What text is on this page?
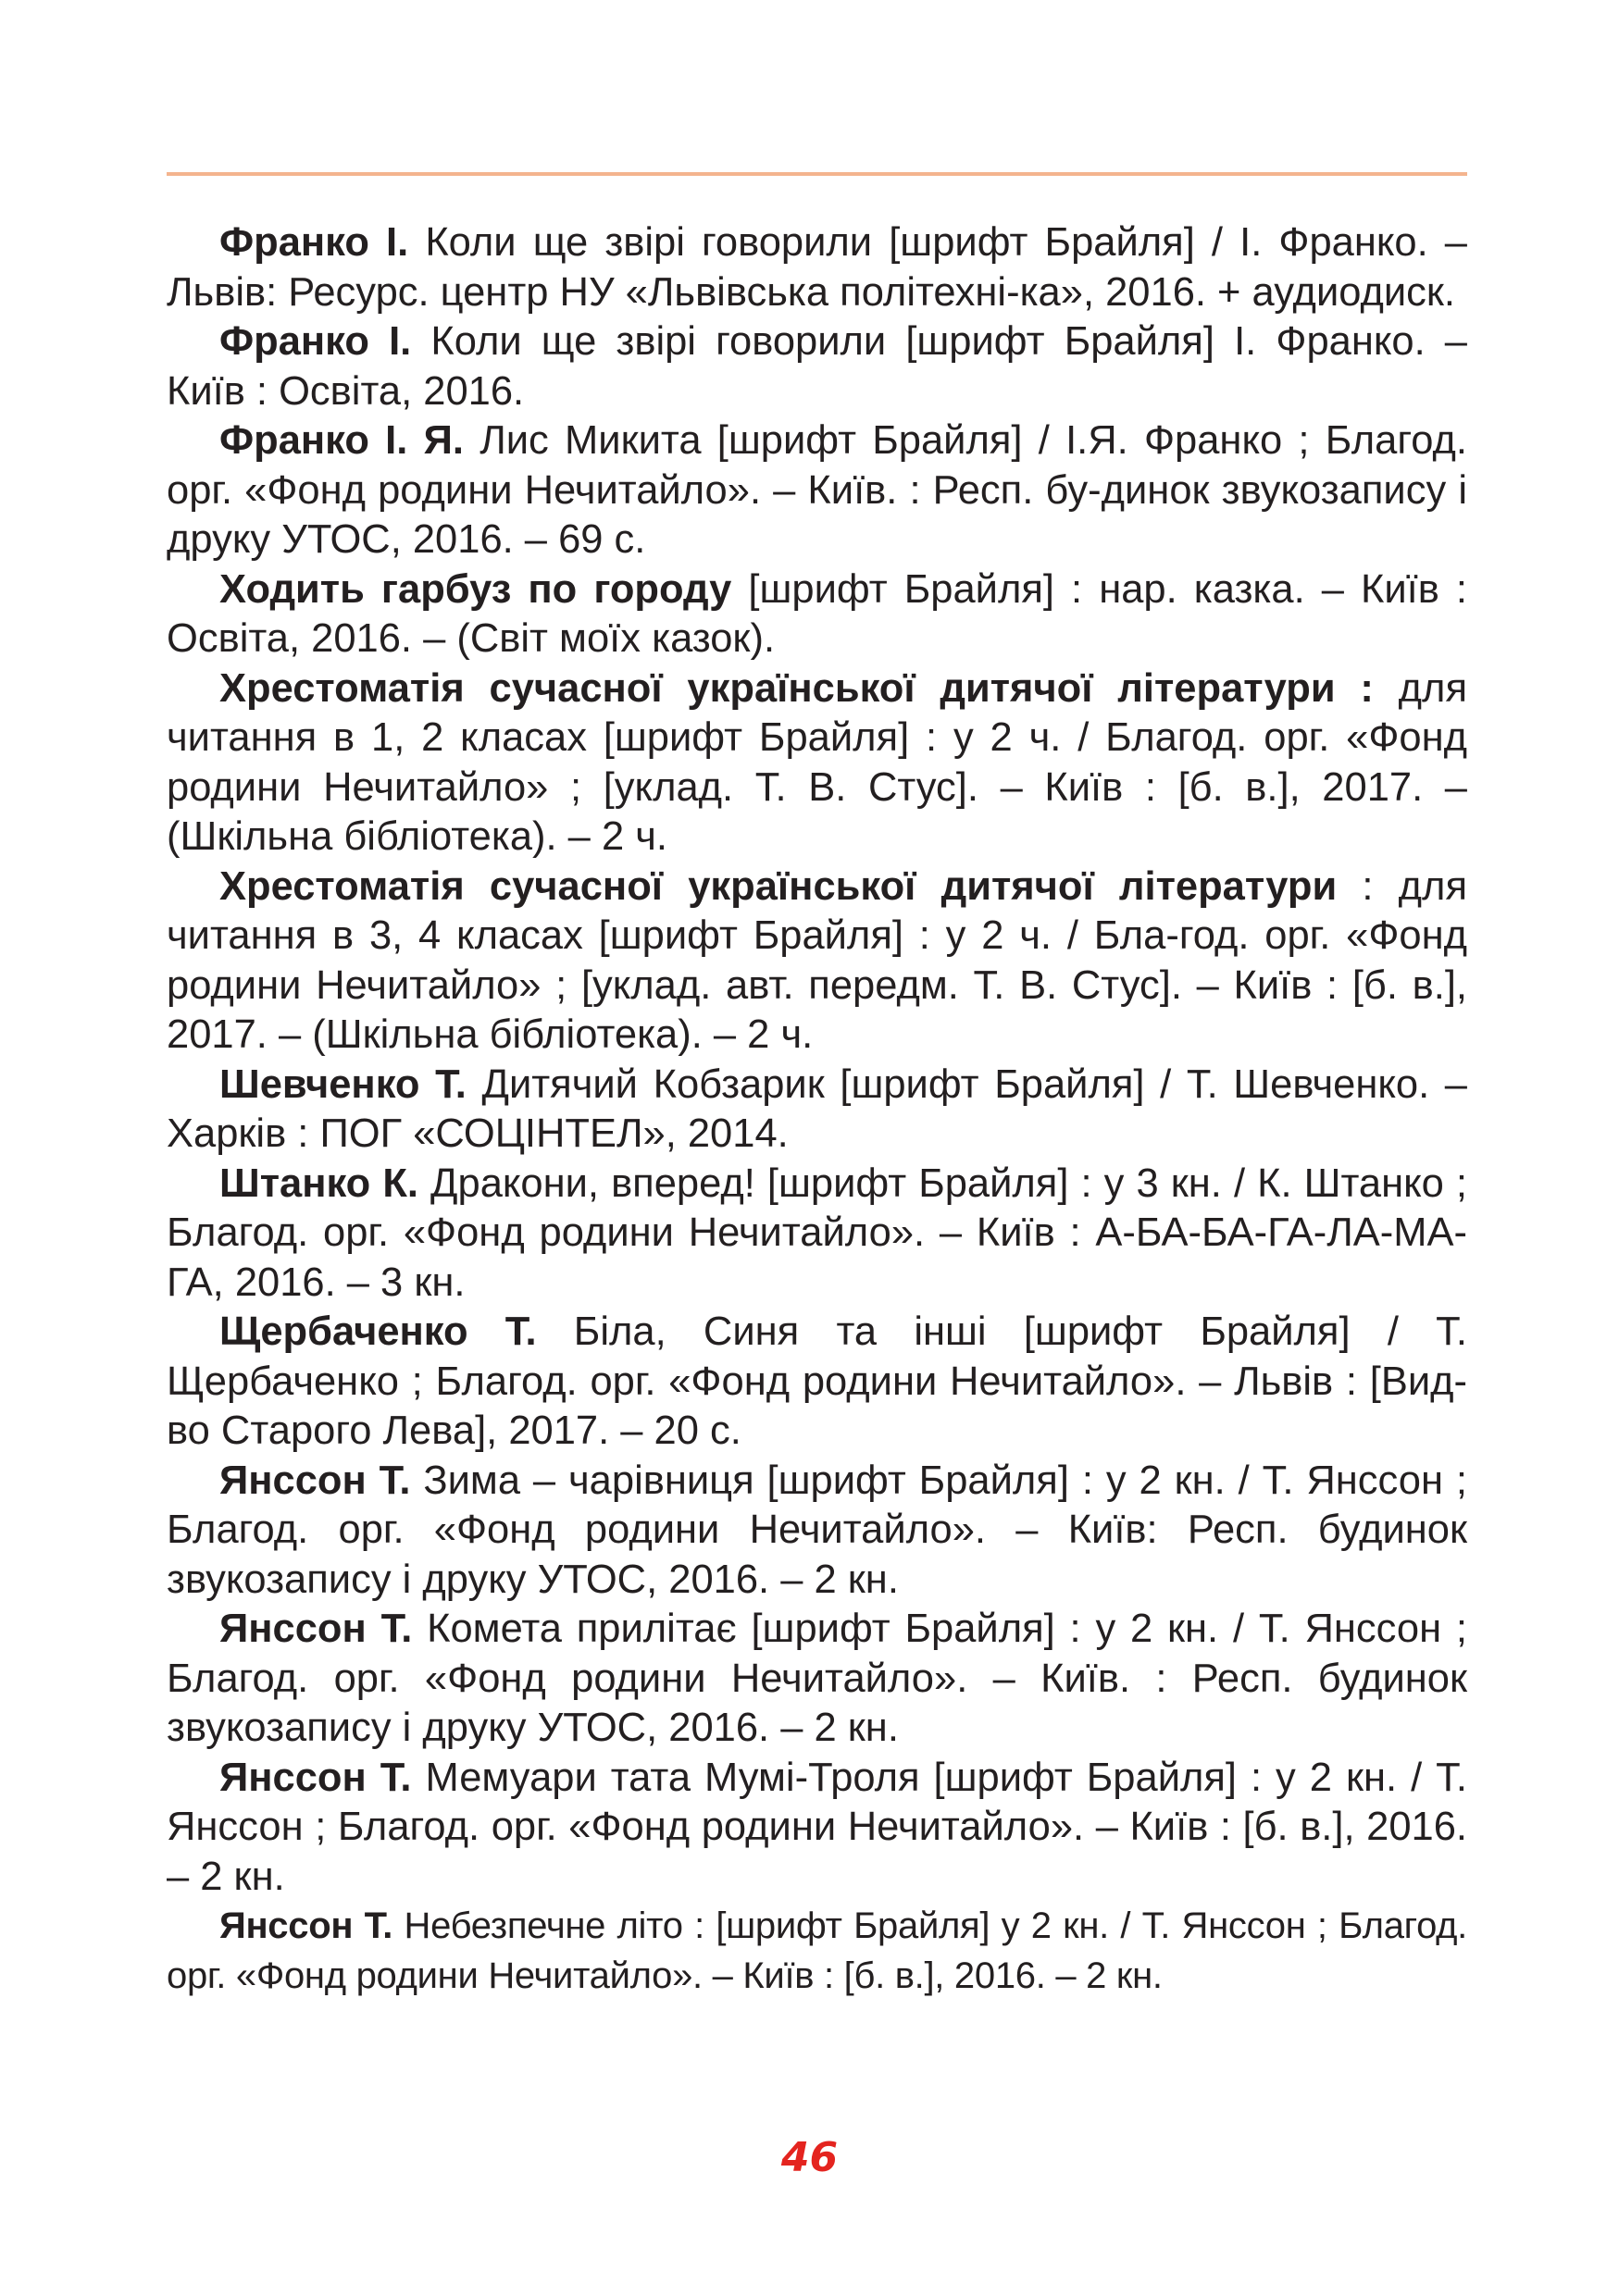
Франко І. Коли ще звірі говорили [шрифт Брайля] / І. Франко. – Львів: Ресурс. центр НУ «Львівська політехні-ка», 2016. + аудиодиск.

Франко І. Коли ще звірі говорили [шрифт Брайля] І. Франко. – Київ : Освіта, 2016.

Франко І. Я. Лис Микита [шрифт Брайля] / І.Я. Франко ; Благод. орг. «Фонд родини Нечитайло». – Київ. : Респ. бу-динок звукозапису і друку УТОС, 2016. – 69 с.

Ходить гарбуз по городу [шрифт Брайля] : нар. казка. – Київ : Освіта, 2016. – (Світ моїх казок).

Хрестоматія сучасної української дитячої літератури : для читання в 1, 2 класах [шрифт Брайля] : у 2 ч. / Благод. орг. «Фонд родини Нечитайло» ; [уклад. Т. В. Стус]. – Київ : [б. в.], 2017. – (Шкільна бібліотека). – 2 ч.

Хрестоматія сучасної української дитячої літератури : для читання в 3, 4 класах [шрифт Брайля] : у 2 ч. / Бла-год. орг. «Фонд родини Нечитайло» ; [уклад. авт. передм. Т. В. Стус]. – Київ : [б. в.], 2017. – (Шкільна бібліотека). – 2 ч.

Шевченко Т. Дитячий Кобзарик [шрифт Брайля] / Т. Шевченко. – Харків : ПОГ «СОЦІНТЕЛ», 2014.

Штанко К. Дракони, вперед! [шрифт Брайля] : у 3 кн. / К. Штанко ; Благод. орг. «Фонд родини Нечитайло». – Київ : А-БА-БА-ГА-ЛА-МА-ГА, 2016. – 3 кн.

Щербаченко Т. Біла, Синя та інші [шрифт Брайля] / Т. Щербаченко ; Благод. орг. «Фонд родини Нечитайло». – Львів : [Вид-во Старого Лева], 2017. – 20 с.

Янссон Т. Зима – чарівниця [шрифт Брайля] : у 2 кн. / Т. Янссон ; Благод. орг. «Фонд родини Нечитайло». – Київ: Респ. будинок звукозапису і друку УТОС, 2016. – 2 кн.

Янссон Т. Комета прилітає [шрифт Брайля] : у 2 кн. / Т. Янссон ; Благод. орг. «Фонд родини Нечитайло». – Київ. : Респ. будинок звукозапису і друку УТОС, 2016. – 2 кн.

Янссон Т. Мемуари тата Мумі-Троля [шрифт Брайля] : у 2 кн. / Т. Янссон ; Благод. орг. «Фонд родини Нечитайло». – Київ : [б. в.], 2016. – 2 кн.

Янссон Т. Небезпечне літо : [шрифт Брайля] у 2 кн. / Т. Янссон ; Благод. орг. «Фонд родини Нечитайло». – Київ : [б. в.], 2016. – 2 кн.

46
